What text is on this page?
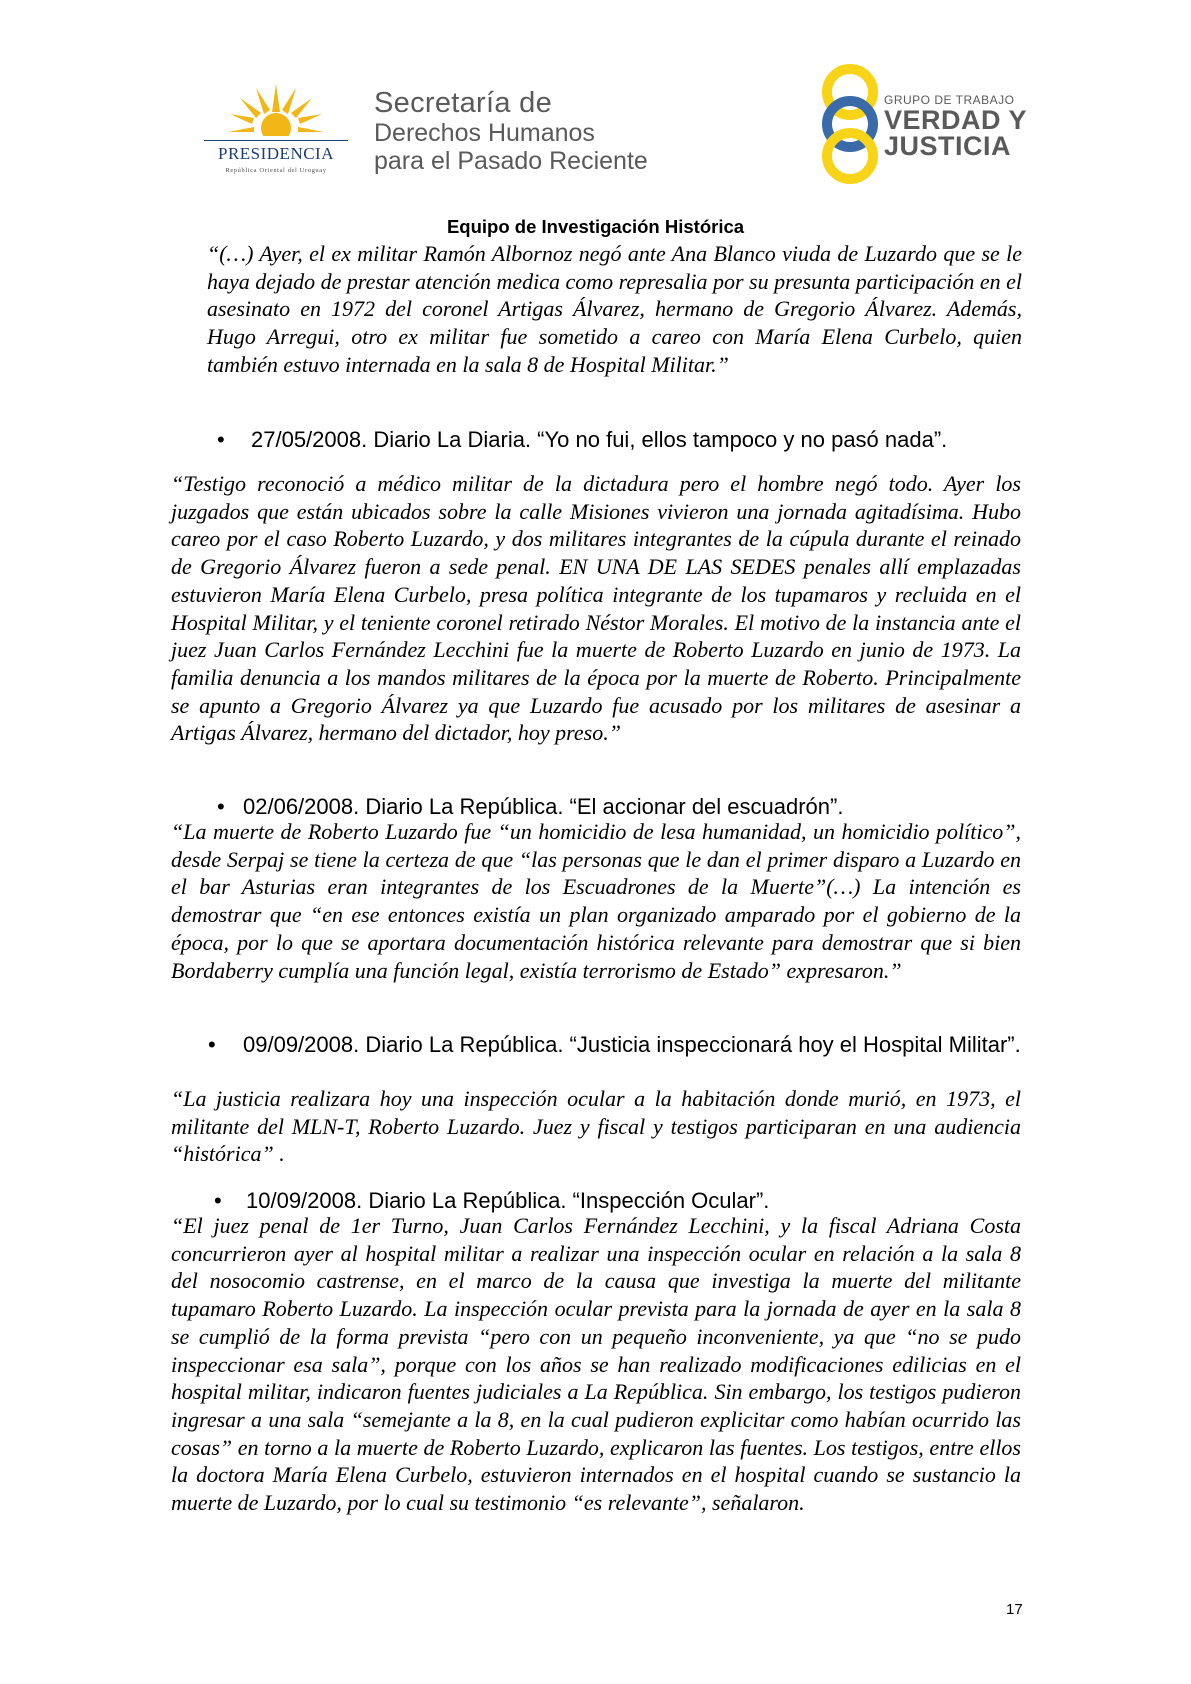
PRESIDENCIA
República Oriental del Uruguay
Secretaría de
Derechos Humanos
para el Pasado Reciente
GRUPO DE TRABAJO
VERDAD Y
JUSTICIA
Equipo de Investigación Histórica

“(…) Ayer, el ex militar Ramón Albornoz negó ante Ana Blanco viuda de Luzardo que se le haya dejado de prestar atención medica como represalia por su presunta participación en el asesinato en 1972 del coronel Artigas Álvarez, hermano de Gregorio Álvarez. Además, Hugo Arregui, otro ex militar fue sometido a careo con María Elena Curbelo, quien también estuvo internada en la sala 8 de Hospital Militar.”

• 27/05/2008. Diario La Diaria. “Yo no fui, ellos tampoco y no pasó nada”.

“Testigo reconoció a médico militar de la dictadura pero el hombre negó todo. Ayer los juzgados que están ubicados sobre la calle Misiones vivieron una jornada agitadísima. Hubo careo por el caso Roberto Luzardo, y dos militares integrantes de la cúpula durante el reinado de Gregorio Álvarez fueron a sede penal. EN UNA DE LAS SEDES penales allí emplazadas estuvieron María Elena Curbelo, presa política integrante de los tupamaros y recluida en el Hospital Militar, y el teniente coronel retirado Néstor Morales. El motivo de la instancia ante el juez Juan Carlos Fernández Lecchini fue la muerte de Roberto Luzardo en junio de 1973. La familia denuncia a los mandos militares de la época por la muerte de Roberto. Principalmente se apunto a Gregorio Álvarez ya que Luzardo fue acusado por los militares de asesinar a Artigas Álvarez, hermano del dictador, hoy preso.”

• 02/06/2008. Diario La República. “El accionar del escuadrón”.

“La muerte de Roberto Luzardo fue “un homicidio de lesa humanidad, un homicidio político”, desde Serpaj se tiene la certeza de que “las personas que le dan el primer disparo a Luzardo en el bar Asturias eran integrantes de los Escuadrones de la Muerte”(…) La intención es demostrar que “en ese entonces existía un plan organizado amparado por el gobierno de la época, por lo que se aportara documentación histórica relevante para demostrar que si bien Bordaberry cumplía una función legal, existía terrorismo de Estado” expresaron.”

• 09/09/2008. Diario La República. “Justicia inspeccionará hoy el Hospital Militar”.

“La justicia realizara hoy una inspección ocular a la habitación donde murió, en 1973, el militante del MLN-T, Roberto Luzardo. Juez y fiscal y testigos participaran en una audiencia “histórica” .

• 10/09/2008. Diario La República. “Inspección Ocular”.

“El juez penal de 1er Turno, Juan Carlos Fernández Lecchini, y la fiscal Adriana Costa concurrieron ayer al hospital militar a realizar una inspección ocular en relación a la sala 8 del nosocomio castrense, en el marco de la causa que investiga la muerte del militante tupamaro Roberto Luzardo. La inspección ocular prevista para la jornada de ayer en la sala 8 se cumplió de la forma prevista “pero con un pequeño inconveniente, ya que “no se pudo inspeccionar esa sala”, porque con los años se han realizado modificaciones edilicias en el hospital militar, indicaron fuentes judiciales a La República. Sin embargo, los testigos pudieron ingresar a una sala “semejante a la 8, en la cual pudieron explicitar como habían ocurrido las cosas” en torno a la muerte de Roberto Luzardo, explicaron las fuentes. Los testigos, entre ellos la doctora María Elena Curbelo, estuvieron internados en el hospital cuando se sustancio la muerte de Luzardo, por lo cual su testimonio “es relevante”, señalaron.

17
